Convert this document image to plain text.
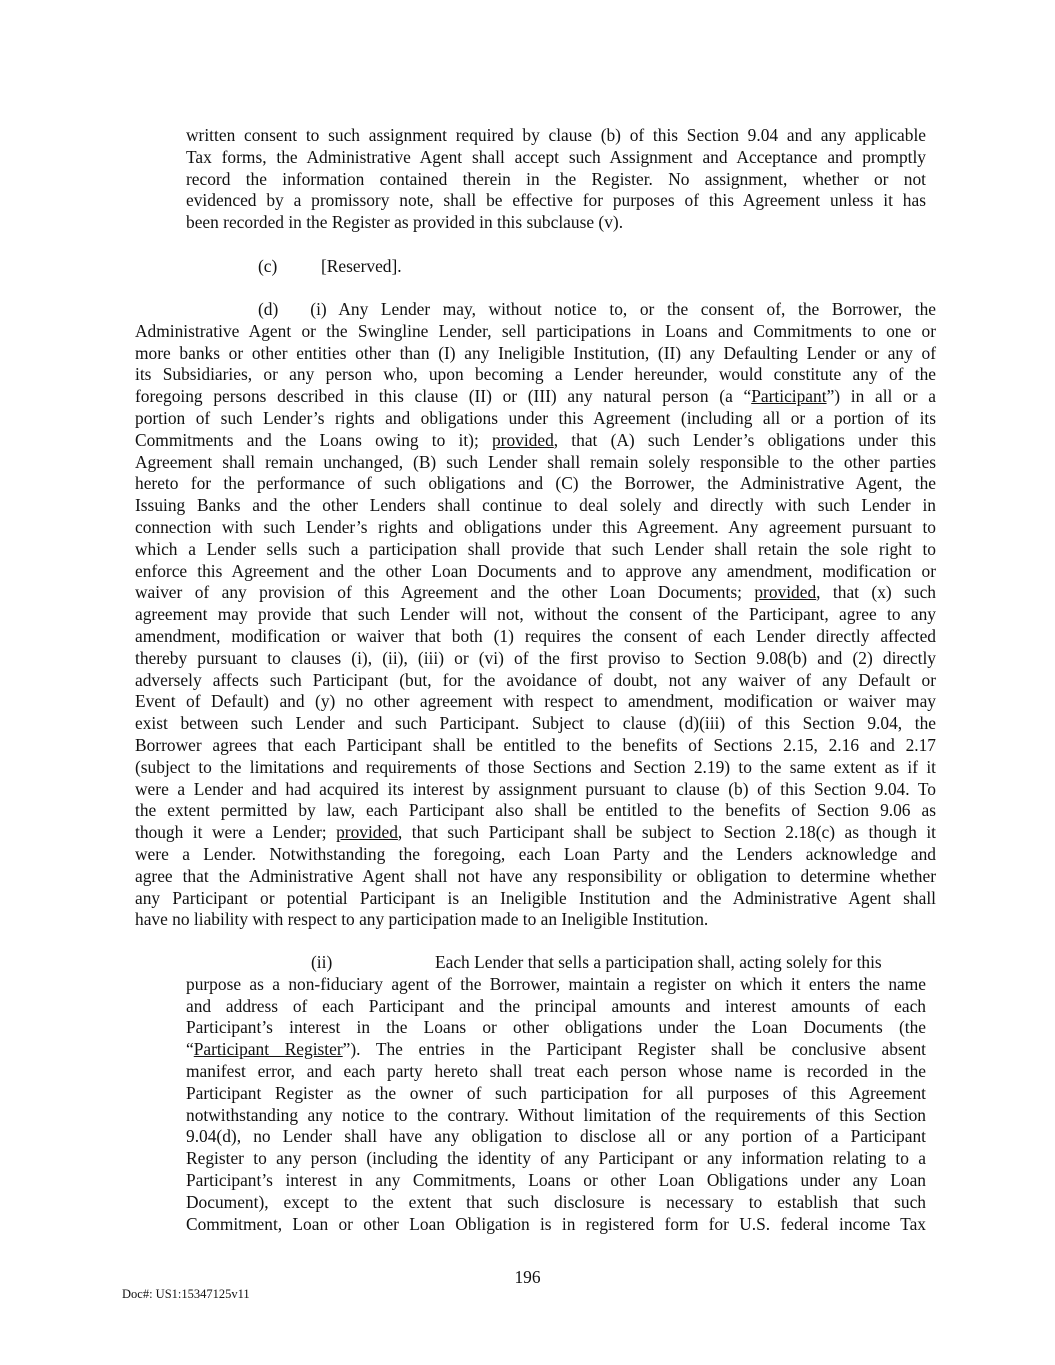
written consent to such assignment required by clause (b) of this Section 9.04 and any applicable
Tax forms, the Administrative Agent shall accept such Assignment and Acceptance and promptly
record the information contained therein in the Register. No assignment, whether or not
evidenced by a promissory note, shall be effective for purposes of this Agreement unless it has
been recorded in the Register as provided in this subclause (v).
(c)	[Reserved].
(d) (i) Any Lender may, without notice to, or the consent of, the Borrower, the
Administrative Agent or the Swingline Lender, sell participations in Loans and Commitments to one or
more banks or other entities other than (I) any Ineligible Institution, (II) any Defaulting Lender or any of
its Subsidiaries, or any person who, upon becoming a Lender hereunder, would constitute any of the
foregoing persons described in this clause (II) or (III) any natural person (a “Participant”) in all or a
portion of such Lender’s rights and obligations under this Agreement (including all or a portion of its
Commitments and the Loans owing to it); provided, that (A) such Lender’s obligations under this
Agreement shall remain unchanged, (B) such Lender shall remain solely responsible to the other parties
hereto for the performance of such obligations and (C) the Borrower, the Administrative Agent, the
Issuing Banks and the other Lenders shall continue to deal solely and directly with such Lender in
connection with such Lender’s rights and obligations under this Agreement. Any agreement pursuant to
which a Lender sells such a participation shall provide that such Lender shall retain the sole right to
enforce this Agreement and the other Loan Documents and to approve any amendment, modification or
waiver of any provision of this Agreement and the other Loan Documents; provided, that (x) such
agreement may provide that such Lender will not, without the consent of the Participant, agree to any
amendment, modification or waiver that both (1) requires the consent of each Lender directly affected
thereby pursuant to clauses (i), (ii), (iii) or (vi) of the first proviso to Section 9.08(b) and (2) directly
adversely affects such Participant (but, for the avoidance of doubt, not any waiver of any Default or
Event of Default) and (y) no other agreement with respect to amendment, modification or waiver may
exist between such Lender and such Participant. Subject to clause (d)(iii) of this Section 9.04, the
Borrower agrees that each Participant shall be entitled to the benefits of Sections 2.15, 2.16 and 2.17
(subject to the limitations and requirements of those Sections and Section 2.19) to the same extent as if it
were a Lender and had acquired its interest by assignment pursuant to clause (b) of this Section 9.04. To
the extent permitted by law, each Participant also shall be entitled to the benefits of Section 9.06 as
though it were a Lender; provided, that such Participant shall be subject to Section 2.18(c) as though it
were a Lender. Notwithstanding the foregoing, each Loan Party and the Lenders acknowledge and
agree that the Administrative Agent shall not have any responsibility or obligation to determine whether
any Participant or potential Participant is an Ineligible Institution and the Administrative Agent shall
have no liability with respect to any participation made to an Ineligible Institution.
(ii)	Each Lender that sells a participation shall, acting solely for this
purpose as a non-fiduciary agent of the Borrower, maintain a register on which it enters the name
and address of each Participant and the principal amounts and interest amounts of each
Participant’s interest in the Loans or other obligations under the Loan Documents (the
“Participant Register”). The entries in the Participant Register shall be conclusive absent
manifest error, and each party hereto shall treat each person whose name is recorded in the
Participant Register as the owner of such participation for all purposes of this Agreement
notwithstanding any notice to the contrary. Without limitation of the requirements of this Section
9.04(d), no Lender shall have any obligation to disclose all or any portion of a Participant
Register to any person (including the identity of any Participant or any information relating to a
Participant’s interest in any Commitments, Loans or other Loan Obligations under any Loan
Document), except to the extent that such disclosure is necessary to establish that such
Commitment, Loan or other Loan Obligation is in registered form for U.S. federal income Tax
196
Doc#: US1:15347125v11
